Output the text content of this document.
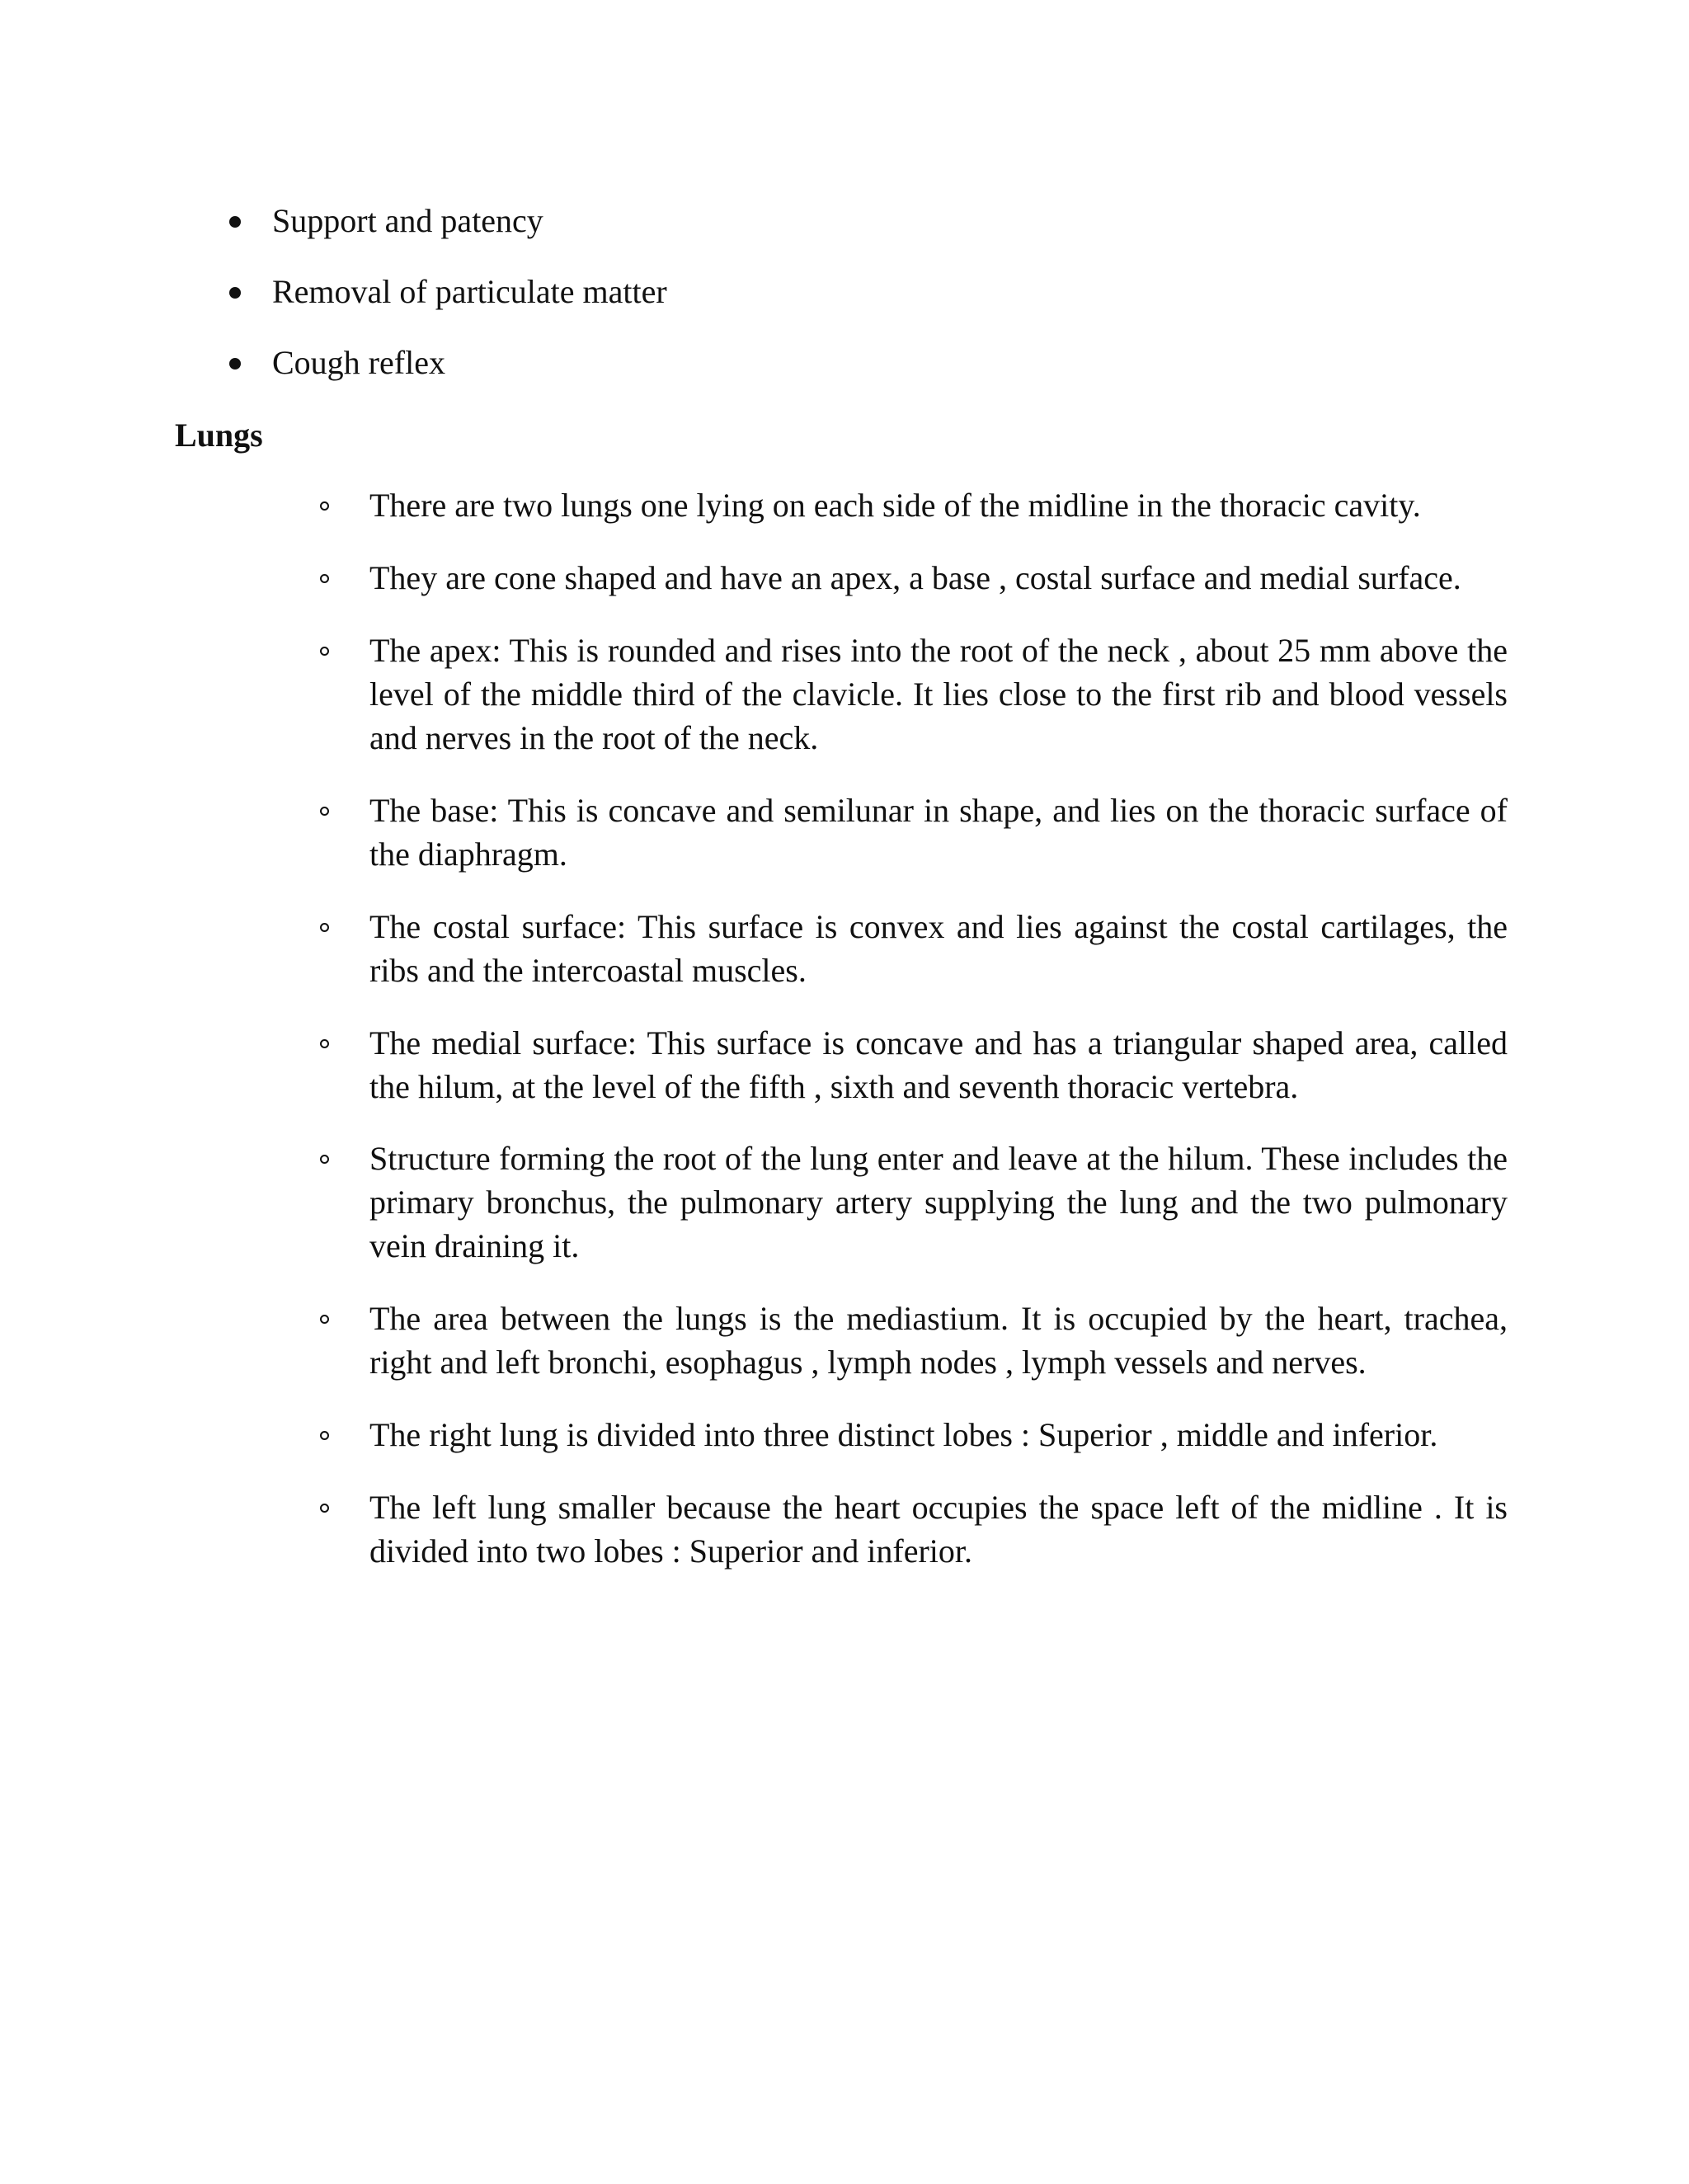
Support and patency
Removal of particulate matter
Cough reflex
Lungs
There are two lungs one lying on each side of the midline in the thoracic cavity.
They are cone shaped and have an apex, a base , costal surface and medial surface.
The apex: This is rounded and rises into the root of the neck , about 25 mm above the level of the middle third of the clavicle. It lies close to the first rib and blood vessels and nerves in the root of the neck.
The base: This is concave and semilunar in shape, and lies on the thoracic surface of the diaphragm.
The costal surface: This surface is convex and lies against the costal cartilages, the ribs and the intercoastal muscles.
The medial surface: This surface is concave and has a triangular shaped area, called the hilum, at the level of the fifth , sixth and seventh thoracic vertebra.
Structure forming the root of the lung enter and leave at the hilum. These includes the primary bronchus, the pulmonary artery supplying the lung and the two pulmonary vein draining it.
The area between the lungs is the mediastium. It is occupied by the heart, trachea, right and left bronchi, esophagus , lymph nodes , lymph vessels and nerves.
The right lung is divided into three distinct lobes : Superior , middle and inferior.
The left lung smaller because the heart occupies the space left of the midline . It is divided into two lobes : Superior and inferior.
